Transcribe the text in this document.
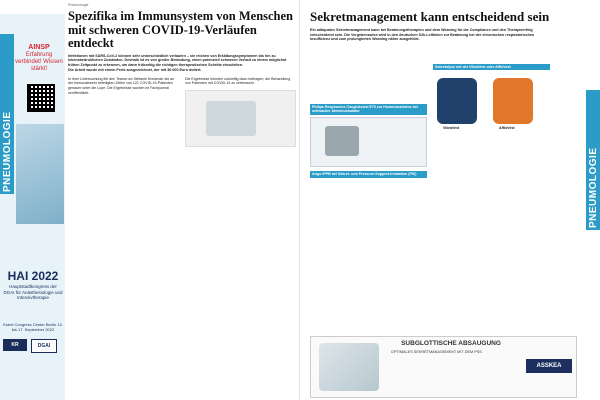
Pneumologie
PNEUMOLOGIE
AINSP
Erfahrung verbindet! Wissen stärkt!
HAI 2022
Hauptstadtkongress der DGAI für Anästhesiologie und Intensivtherapie
Estrel Congress Center Berlin 14. bis 17. September 2022
KR	DGAI
Spezifika im Immunsystem von Menschen mit schweren COVID-19-Verläufen entdeckt
Infektionen mit SARS-CoV-2 können sehr unterschiedlich verlaufen – sie reichen von Erkältungssymptomen bis hin zu lebensbedrohlichen Zuständen. Deshalb ist es von großer Bedeutung, einen potenziell schweren Verlauf zu einem möglichst frühen Zeitpunkt zu erkennen, um dann frühzeitig die richtigen therapeutischen Schritte einzuleiten.
Die Arbeit wurde mit einem Preis ausgezeichnet, der mit 30.000 Euro dotiert.
In ihrer Untersuchung fiel den Teams um Stefanie Kreutmair die an der Immunabwehr beteiligten Zellen von 121 COVID-19-Patienten genauer unter die Lupe. Die Ergebnisse wurden im Fachjournal veröffentlicht.
Die Ergebnisse könnten zukünftig dazu beitragen, die Behandlung von Patienten mit COVID-19 zu verbessern.
Sekretmanagement kann entscheidend sein
Ein adäquates Sekretmanagement kann bei Beatmungstherapien und dem Weaning für die Compliance und den Therapieerfolg entscheidend sein. Die Vergebenswise wird in den deutschen S2k-Leitlinien zur Beatmung bei der chronischen respiratorischen Insuffizienz und zum prolongierten Weaning näher ausgeführt.
Philips Respironics CoughAssist E70 zur Hustenassistenz bei schwacher Atemmuskulatur
Airgo IPPB bei Sekret- und Pressure-Support-Inhalation (PSI)
Sekretolyse mit der VibraVest oder AffloVest
VibraVest	AffloVest
PNEUMOLOGIE
SUBGLOTTISCHE ABSAUGUNG
OPTIMALES SEKRETMANAGEMENT MIT DEM PSS
ASSKEA
